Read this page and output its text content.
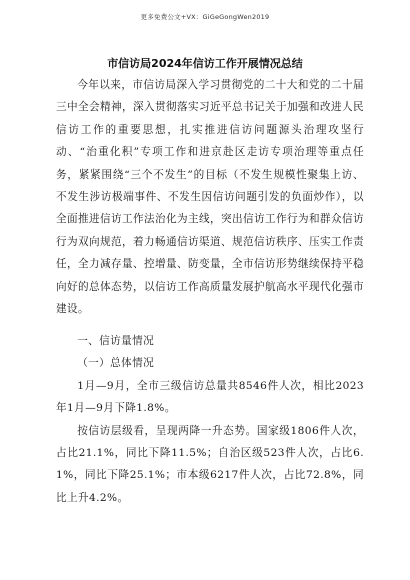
更多免费公文+VX：GiGeGongWen2019
市信访局2024年信访工作开展情况总结

今年以来，市信访局深入学习贯彻党的二十大和党的二十届三中全会精神，深入贯彻落实习近平总书记关于加强和改进人民信访工作的重要思想，扎实推进信访问题源头治理攻坚行动、“治重化积”专项工作和进京赴区走访专项治理等重点任务，紧紧围绕“三个不发生”的目标（不发生规模性聚集上访、不发生涉访极端事件、不发生因信访问题引发的负面炒作），以全面推进信访工作法治化为主线，突出信访工作行为和群众信访行为双向规范，着力畅通信访渠道、规范信访秩序、压实工作责任，全力减存量、控增量、防变量，全市信访形势继续保持平稳向好的总体态势，以信访工作高质量发展护航高水平现代化强市建设。

一、信访量情况

（一）总体情况

1月—9月，全市三级信访总量共8546件人次，相比2023年1月—9月下降1.8%。

按信访层级看，呈现两降一升态势。国家级1806件人次，占比21.1%，同比下降11.5%；自治区级523件人次，占比6.1%，同比下降25.1%；市本级6217件人次，占比72.8%，同比上升4.2%。
